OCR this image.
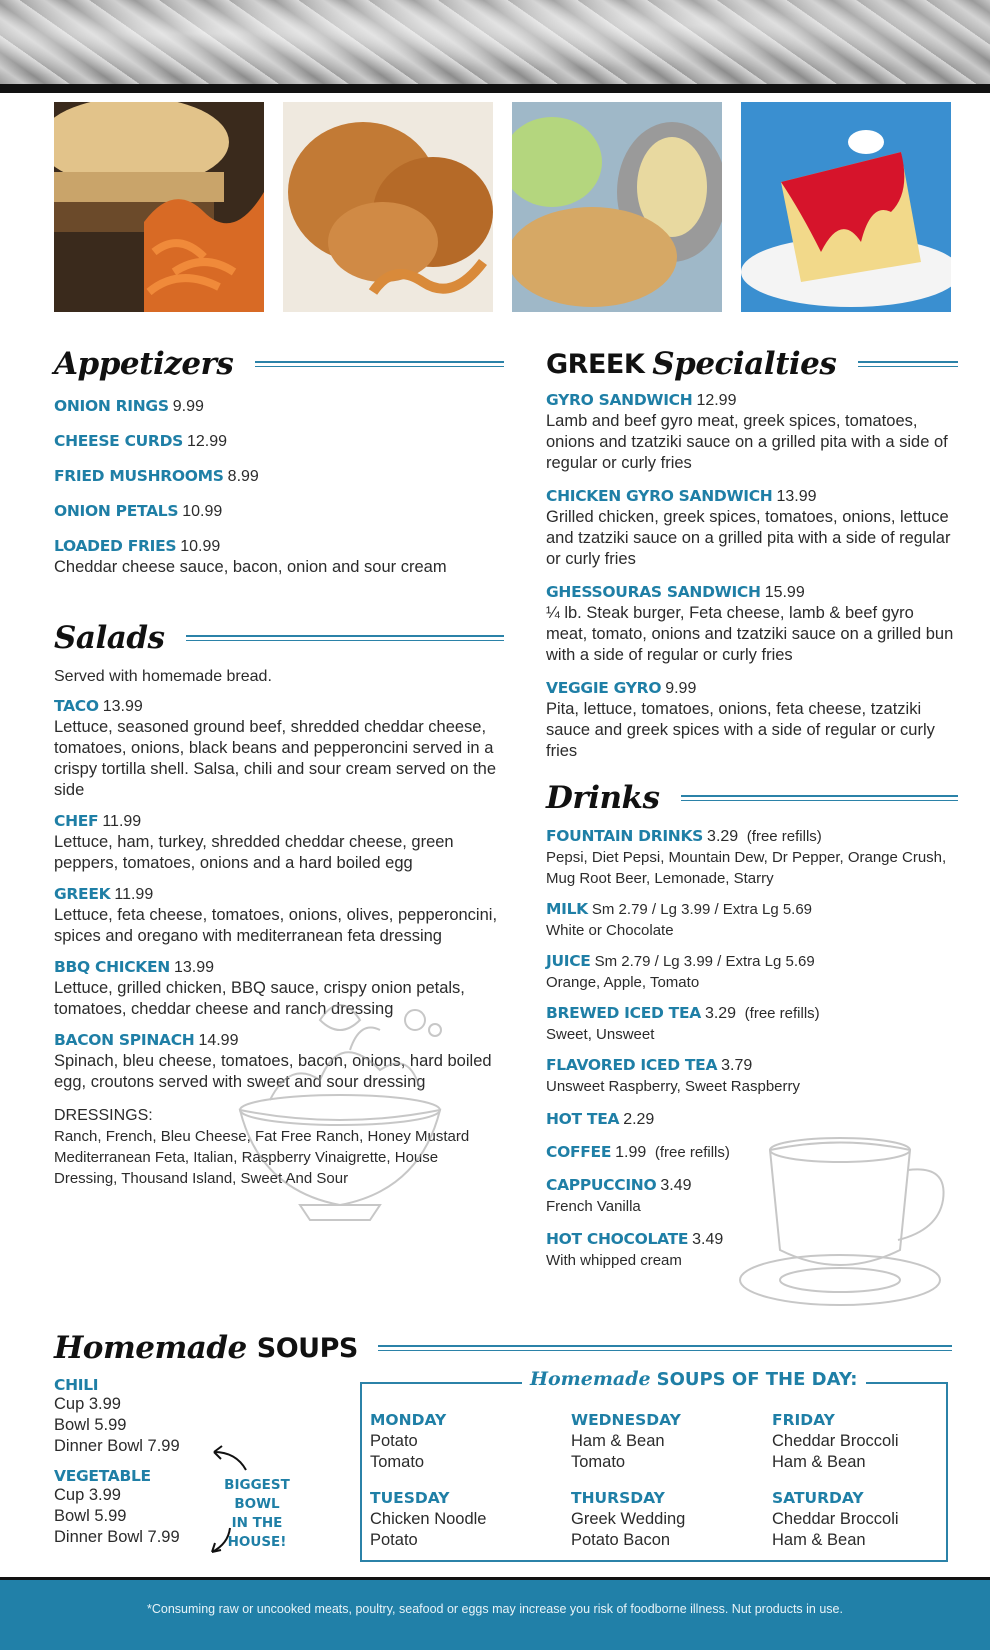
Appetizers
ONION RINGS 9.99
CHEESE CURDS 12.99
FRIED MUSHROOMS 8.99
ONION PETALS 10.99
LOADED FRIES 10.99
Cheddar cheese sauce, bacon, onion and sour cream
Salads
Served with homemade bread.
TACO 13.99
Lettuce, seasoned ground beef, shredded cheddar cheese, tomatoes, onions, black beans and pepperoncini served in a crispy tortilla shell. Salsa, chili and sour cream served on the side
CHEF 11.99
Lettuce, ham, turkey, shredded cheddar cheese, green peppers, tomatoes, onions and a hard boiled egg
GREEK 11.99
Lettuce, feta cheese, tomatoes, onions, olives, pepperoncini, spices and oregano with mediterranean feta dressing
BBQ CHICKEN 13.99
Lettuce, grilled chicken, BBQ sauce, crispy onion petals, tomatoes, cheddar cheese and ranch dressing
BACON SPINACH 14.99
Spinach, bleu cheese, tomatoes, bacon, onions, hard boiled egg, croutons served with sweet and sour dressing
DRESSINGS:
Ranch, French, Bleu Cheese, Fat Free Ranch, Honey Mustard Mediterranean Feta, Italian, Raspberry Vinaigrette, House Dressing, Thousand Island, Sweet And Sour
GREEK Specialties
GYRO SANDWICH 12.99
Lamb and beef gyro meat, greek spices, tomatoes, onions and tzatziki sauce on a grilled pita with a side of regular or curly fries
CHICKEN GYRO SANDWICH 13.99
Grilled chicken, greek spices, tomatoes, onions, lettuce and tzatziki sauce on a grilled pita with a side of regular or curly fries
GHESSOURAS SANDWICH 15.99
¼ lb. Steak burger, Feta cheese, lamb & beef gyro meat, tomato, onions and tzatziki sauce on a grilled bun with a side of regular or curly fries
VEGGIE GYRO 9.99
Pita, lettuce, tomatoes, onions, feta cheese, tzatziki sauce and greek spices with a side of regular or curly fries
Drinks
FOUNTAIN DRINKS 3.29 (free refills)
Pepsi, Diet Pepsi, Mountain Dew, Dr Pepper, Orange Crush, Mug Root Beer, Lemonade, Starry
MILK Sm 2.79 / Lg 3.99 / Extra Lg 5.69
White or Chocolate
JUICE Sm 2.79 / Lg 3.99 / Extra Lg 5.69
Orange, Apple, Tomato
BREWED ICED TEA 3.29 (free refills)
Sweet, Unsweet
FLAVORED ICED TEA 3.79
Unsweet Raspberry, Sweet Raspberry
HOT TEA 2.29
COFFEE 1.99 (free refills)
CAPPUCCINO 3.49
French Vanilla
HOT CHOCOLATE 3.49
With whipped cream
Homemade SOUPS
CHILI
Cup 3.99
Bowl 5.99
Dinner Bowl 7.99
VEGETABLE
Cup 3.99
Bowl 5.99
Dinner Bowl 7.99
BIGGEST BOWL
IN THE HOUSE!
Homemade SOUPS OF THE DAY:
MONDAY
Potato
Tomato
WEDNESDAY
Ham & Bean
Tomato
FRIDAY
Cheddar Broccoli
Ham & Bean
TUESDAY
Chicken Noodle
Potato
THURSDAY
Greek Wedding
Potato Bacon
SATURDAY
Cheddar Broccoli
Ham & Bean
*Consuming raw or uncooked meats, poultry, seafood or eggs may increase you risk of foodborne illness. Nut products in use.
